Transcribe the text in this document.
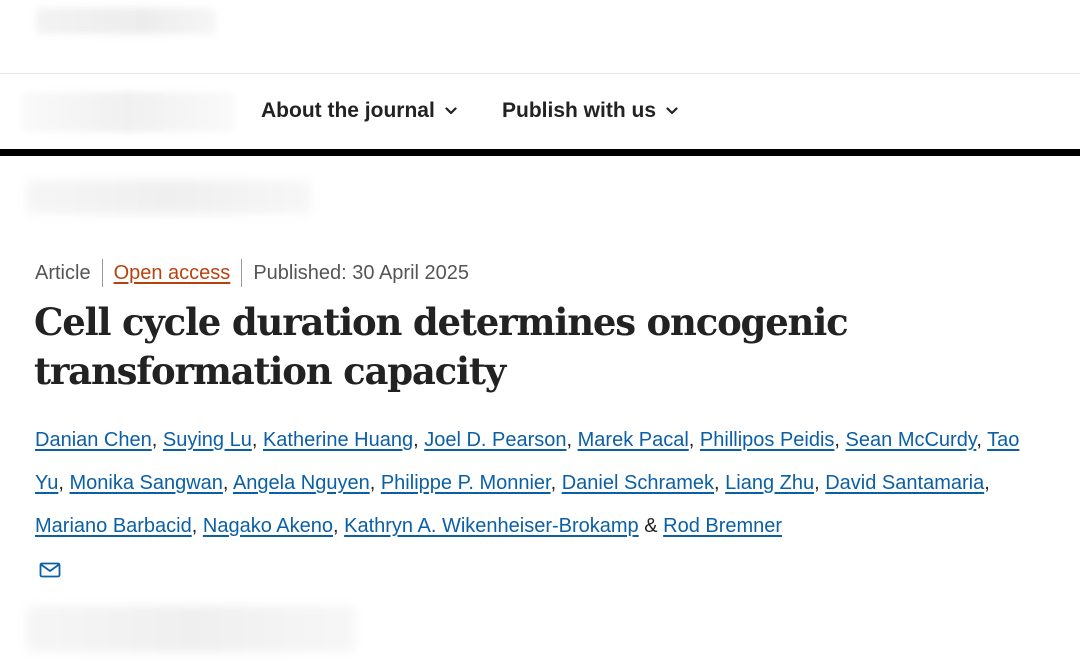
About the journal	Publish with us
Article Open access Published: 30 April 2025
Cell cycle duration determines oncogenic
transformation capacity
Danian Chen, Suying Lu, Katherine Huang, Joel D. Pearson, Marek Pacal, Phillipos Peidis, Sean McCurdy, Tao Yu, Monika Sangwan, Angela Nguyen, Philippe P. Monnier, Daniel Schramek, Liang Zhu, David Santamaria, Mariano Barbacid, Nagako Akeno, Kathryn A. Wikenheiser-Brokamp & Rod Bremner
